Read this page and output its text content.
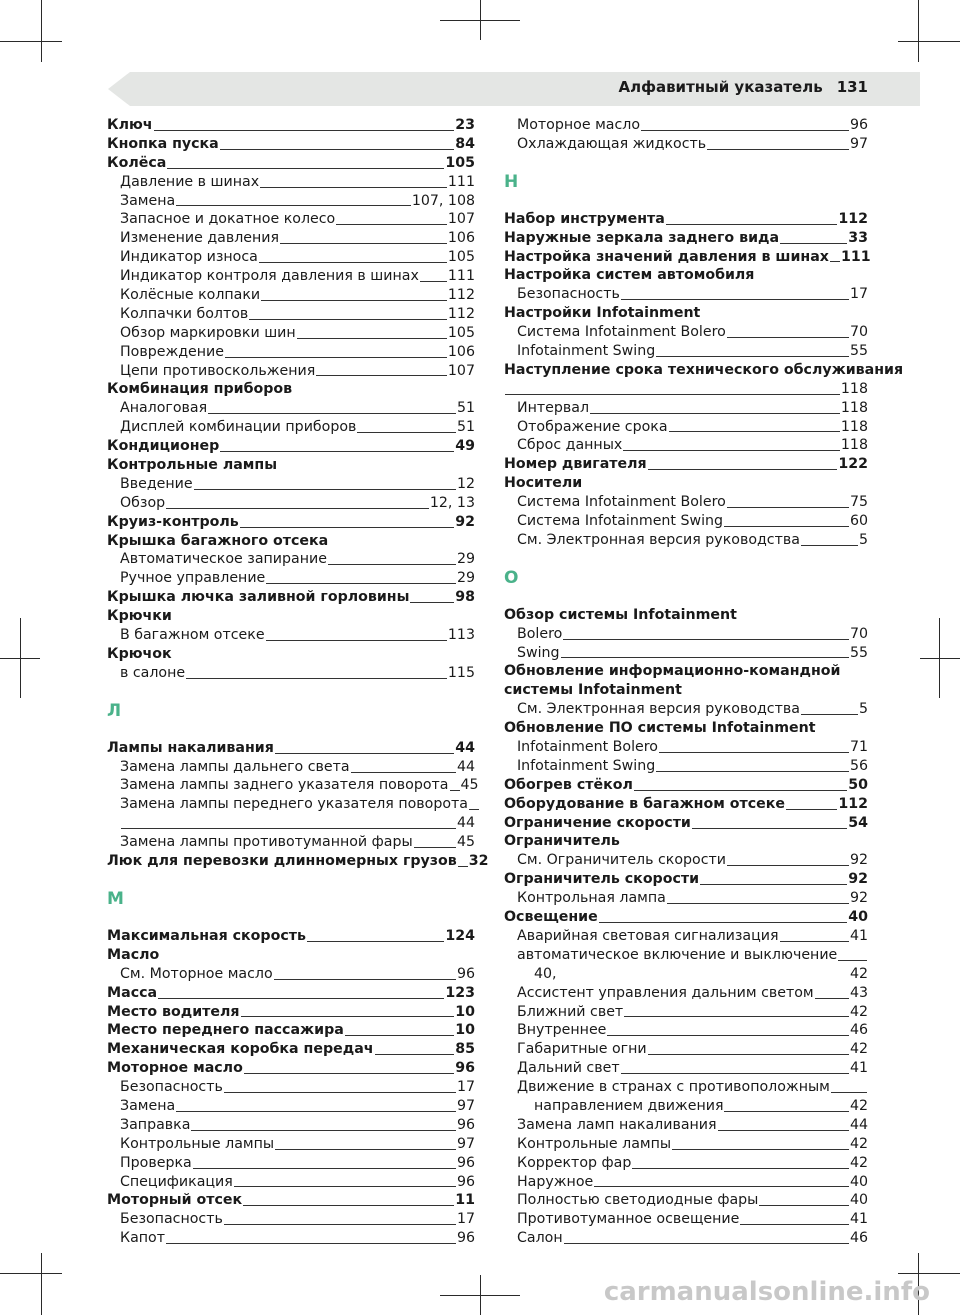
Алфавитный указатель 131
Ключ	23
Кнопка пуска	84
Колёса	105
Давление в шинах	111
Замена	107, 108
Запасное и докатное колесо	107
Изменение давления	106
Индикатор износа	105
Индикатор контроля давления в шинах 111
Колёсные колпаки	112
Колпачки болтов	112
Обзор маркировки шин	105
Повреждение	106
Цепи противоскольжения	107
Комбинация приборов
Аналоговая	51
Дисплей комбинации приборов	51
Кондиционер	49
Контрольные лампы
Введение	12
Обзор	12, 13
Круиз-контроль	92
Крышка багажного отсека
Автоматическое запирание	29
Ручное управление	29
Крышка лючка заливной горловины	98
Крючки
В багажном отсеке	113
Крючок
в салоне	115
Л
Лампы накаливания	44
Замена лампы дальнего света	44
Замена лампы заднего указателя поворота 45
Замена лампы переднего указателя поворота
44
Замена лампы противотуманной фары	45
Люк для перевозки длинномерных грузов 32
М
Максимальная скорость	124
Масло
См. Моторное масло	96
Масса	123
Место водителя	10
Место переднего пассажира	10
Механическая коробка передач	85
Моторное масло	96
Безопасность	17
Замена	97
Заправка	96
Контрольные лампы	97
Проверка	96
Спецификация	96
Моторный отсек	11
Безопасность	17
Капот	96
Моторное масло	96
Охлаждающая жидкость	97
Н
Набор инструмента	112
Наружные зеркала заднего вида	33
Настройка значений давления в шинах 111
Настройка систем автомобиля
Безопасность	17
Настройки Infotainment
Система Infotainment Bolero	70
Infotainment Swing	55
Наступление срока технического обслуживания
118
Интервал	118
Отображение срока	118
Сброс данных	118
Номер двигателя	122
Носители
Система Infotainment Bolero	75
Система Infotainment Swing	60
См. Электронная версия руководства	5
О
Обзор системы Infotainment
Bolero	70
Swing	55
Обновление информационно-командной
системы Infotainment
См. Электронная версия руководства	5
Обновление ПО системы Infotainment
Infotainment Bolero	71
Infotainment Swing	56
Обогрев стёкол	50
Оборудование в багажном отсеке	112
Ограничение скорости	54
Ограничитель
См. Ограничитель скорости	92
Ограничитель скорости	92
Контрольная лампа	92
Освещение	40
Аварийная световая сигнализация	41
автоматическое включение и выключение
40,	42
Ассистент управления дальним светом	43
Ближний свет	42
Внутреннее	46
Габаритные огни	42
Дальний свет	41
Движение в странах с противоположным
направлением движения	42
Замена ламп накаливания	44
Контрольные лампы	42
Корректор фар	42
Наружное	40
Полностью светодиодные фары	40
Противотуманное освещение	41
Салон	46
carmanualsonline.info
